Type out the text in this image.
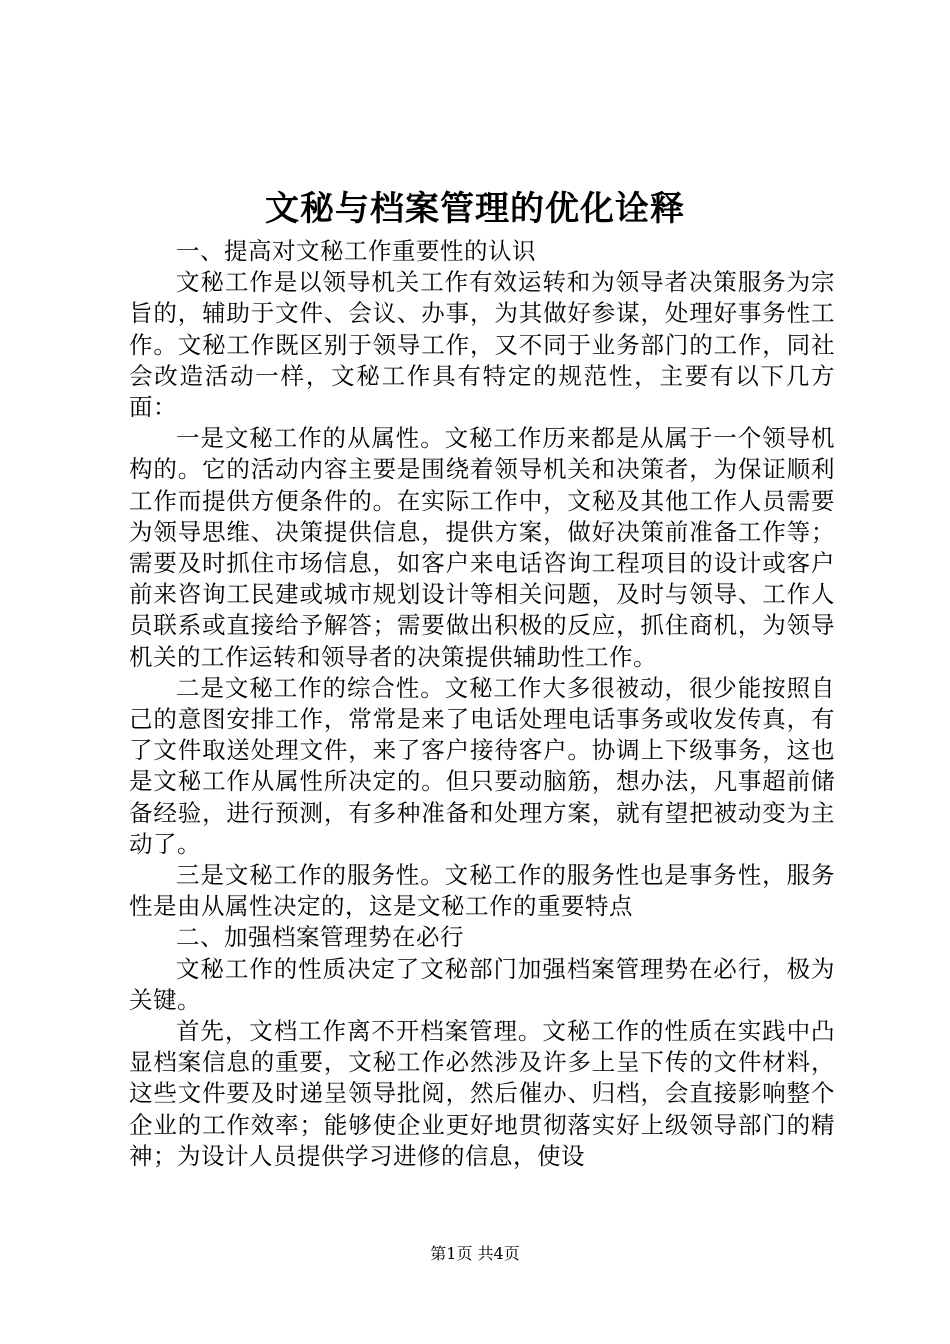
文秘与档案管理的优化诠释

一、提高对文秘工作重要性的认识

文秘工作是以领导机关工作有效运转和为领导者决策服务为宗旨的，辅助于文件、会议、办事，为其做好参谋，处理好事务性工作。文秘工作既区别于领导工作，又不同于业务部门的工作，同社会改造活动一样，文秘工作具有特定的规范性，主要有以下几方面：

一是文秘工作的从属性。文秘工作历来都是从属于一个领导机构的。它的活动内容主要是围绕着领导机关和决策者，为保证顺利工作而提供方便条件的。在实际工作中，文秘及其他工作人员需要为领导思维、决策提供信息，提供方案，做好决策前准备工作等；需要及时抓住市场信息，如客户来电话咨询工程项目的设计或客户前来咨询工民建或城市规划设计等相关问题，及时与领导、工作人员联系或直接给予解答；需要做出积极的反应，抓住商机，为领导机关的工作运转和领导者的决策提供辅助性工作。

二是文秘工作的综合性。文秘工作大多很被动，很少能按照自己的意图安排工作，常常是来了电话处理电话事务或收发传真，有了文件取送处理文件，来了客户接待客户。协调上下级事务，这也是文秘工作从属性所决定的。但只要动脑筋，想办法，凡事超前储备经验，进行预测，有多种准备和处理方案，就有望把被动变为主动了。

三是文秘工作的服务性。文秘工作的服务性也是事务性，服务性是由从属性决定的，这是文秘工作的重要特点

二、加强档案管理势在必行

文秘工作的性质决定了文秘部门加强档案管理势在必行，极为关键。

首先，文档工作离不开档案管理。文秘工作的性质在实践中凸显档案信息的重要，文秘工作必然涉及许多上呈下传的文件材料，这些文件要及时递呈领导批阅，然后催办、归档，会直接影响整个企业的工作效率；能够使企业更好地贯彻落实好上级领导部门的精神；为设计人员提供学习进修的信息，使设

第1页 共4页
